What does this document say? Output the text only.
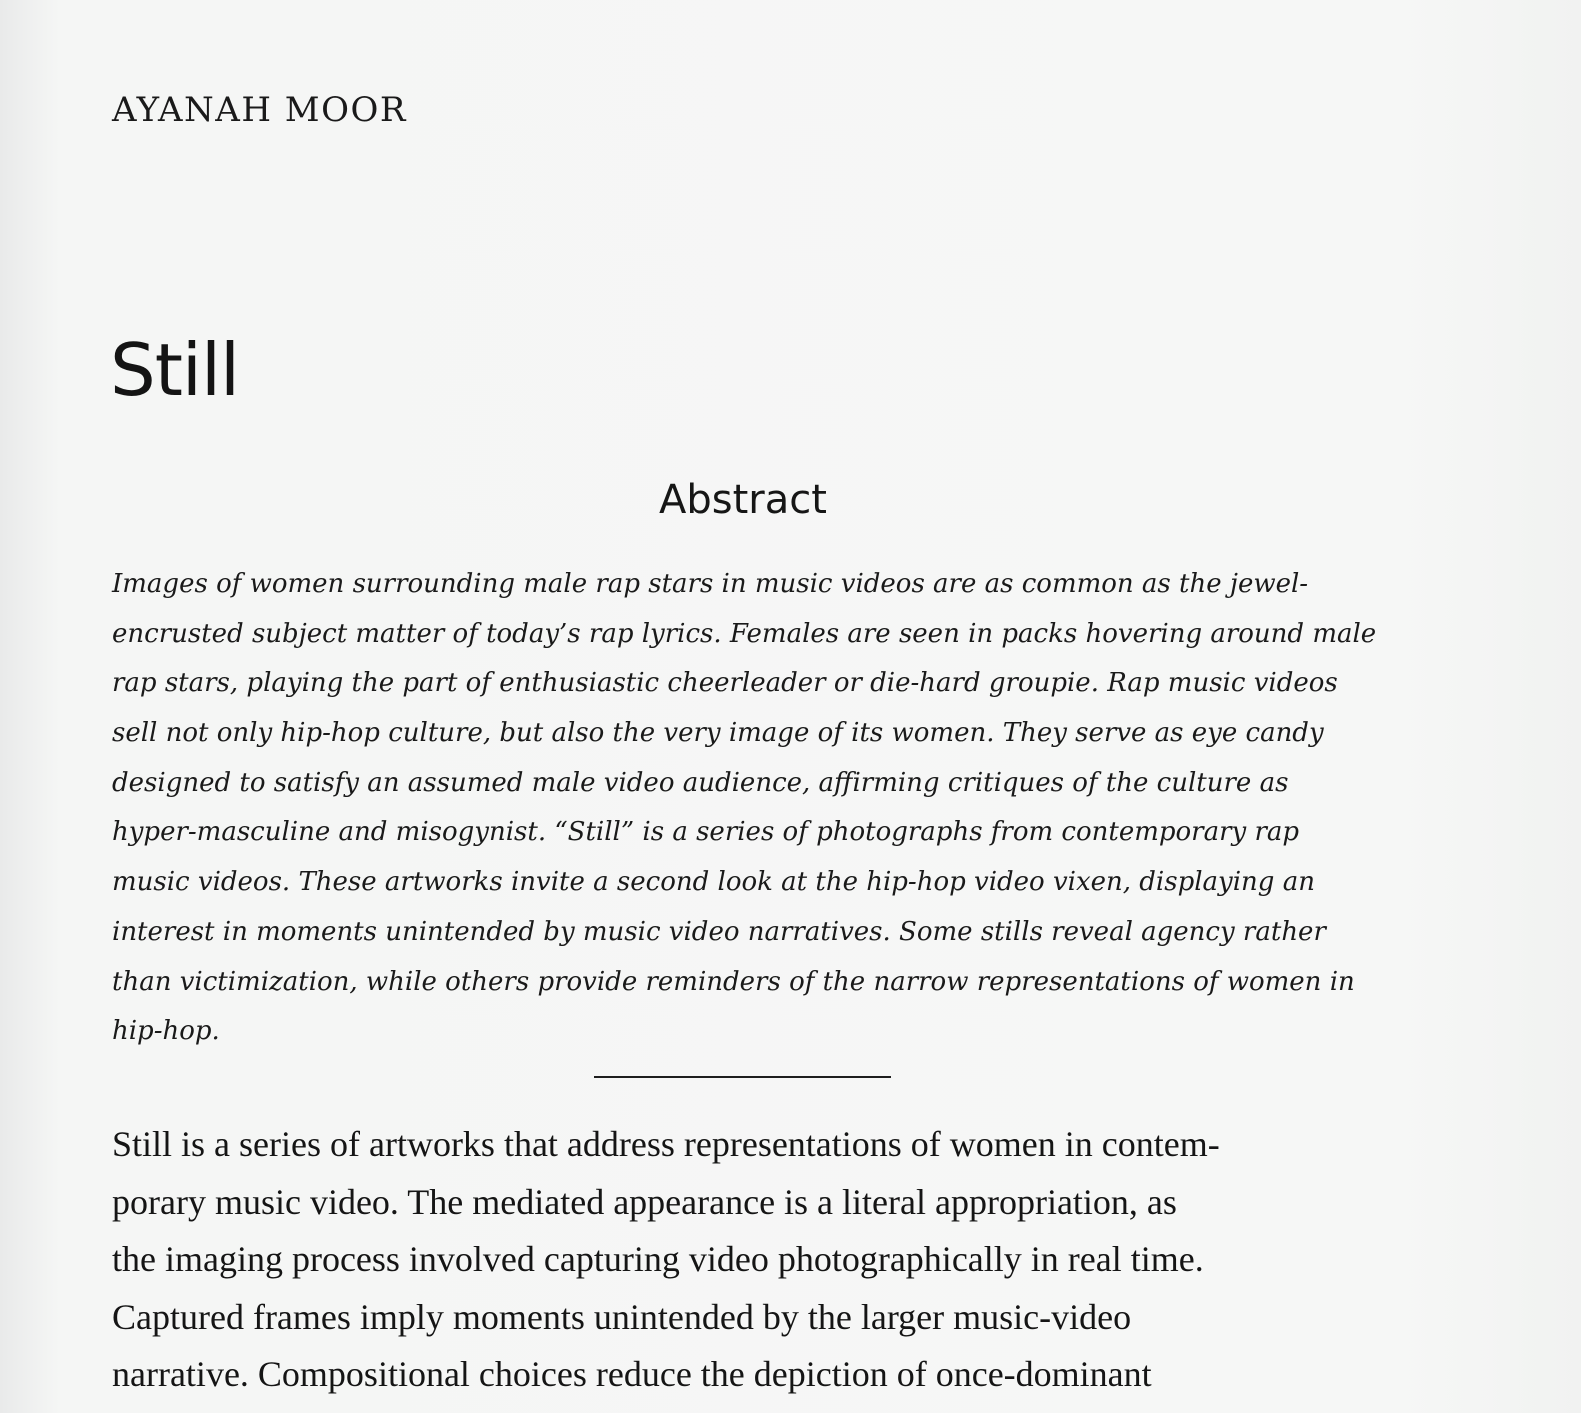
AYANAH MOOR
Still
Abstract

Images of women surrounding male rap stars in music videos are as common as the jewel-
encrusted subject matter of today’s rap lyrics. Females are seen in packs hovering around male
rap stars, playing the part of enthusiastic cheerleader or die-hard groupie. Rap music videos
sell not only hip-hop culture, but also the very image of its women. They serve as eye candy
designed to satisfy an assumed male video audience, affirming critiques of the culture as
hyper-masculine and misogynist. “Still” is a series of photographs from contemporary rap
music videos. These artworks invite a second look at the hip-hop video vixen, displaying an
interest in moments unintended by music video narratives. Some stills reveal agency rather
than victimization, while others provide reminders of the narrow representations of women in
hip-hop.

Still is a series of artworks that address representations of women in contem-
porary music video. The mediated appearance is a literal appropriation, as
the imaging process involved capturing video photographically in real time.
Captured frames imply moments unintended by the larger music-video
narrative. Compositional choices reduce the depiction of once-dominant
